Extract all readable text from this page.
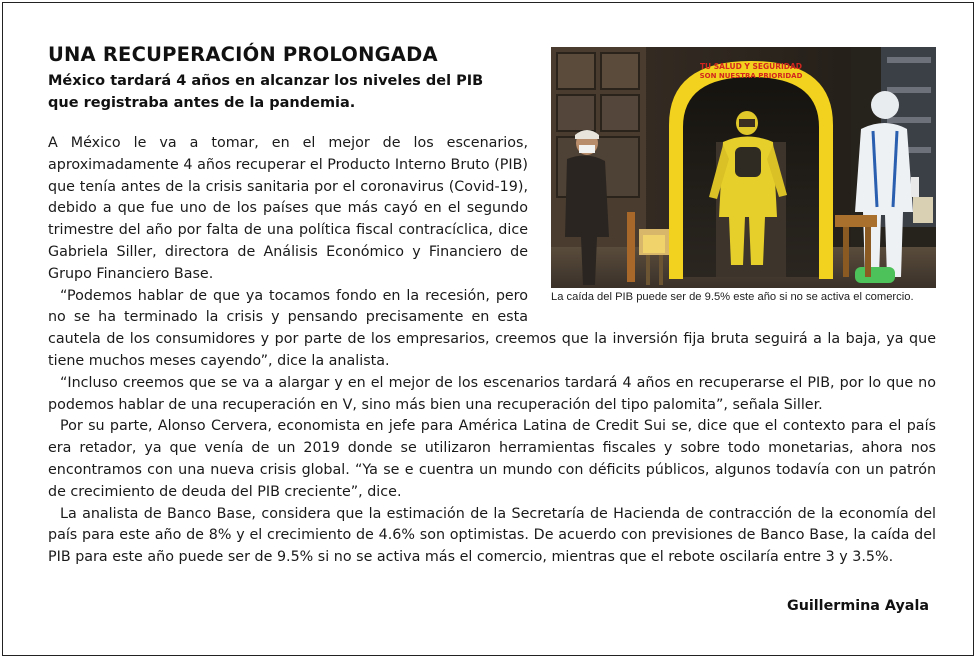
UNA RECUPERACIÓN PROLONGADA
México tardará 4 años en alcanzar los niveles del PIB que registraba antes de la pandemia.
TU SALUD Y SEGURIDAD
SON NUESTRA PRIORIDAD
La caída del PIB puede ser de 9.5% este año si no se activa el comercio.

A México le va a tomar, en el mejor de los escenarios, aproximadamente 4 años recuperar el Producto Interno Bruto (PIB) que tenía antes de la crisis sanitaria por el coronavirus (Covid-19), debido a que fue uno de los países que más cayó en el segundo trimestre del año por falta de una política fiscal contracíclica, dice Gabriela Siller, directora de Análisis Económico y Financiero de Grupo Financiero Base.

“Podemos hablar de que ya tocamos fondo en la recesión, pero no se ha terminado la crisis y pensando precisamente en esta cautela de los consumidores y por parte de los empresarios, creemos que la inversión fija bruta seguirá a la baja, ya que tiene muchos meses cayendo”, dice la analista.

“Incluso creemos que se va a alargar y en el mejor de los escenarios tardará 4 años en recuperarse el PIB, por lo que no podemos hablar de una recuperación en V, sino más bien una recuperación del tipo palomita”, señala Siller.

Por su parte, Alonso Cervera, economista en jefe para América Latina de Credit Sui se, dice que el contexto para el país era retador, ya que venía de un 2019 donde se utilizaron herramientas fiscales y sobre todo monetarias, ahora nos encontramos con una nueva crisis global. “Ya se e cuentra un mundo con déficits públicos, algunos todavía con un patrón de crecimiento de deuda del PIB creciente”, dice.

La analista de Banco Base, considera que la estimación de la Secretaría de Hacienda de contracción de la economía del país para este año de 8% y el crecimiento de 4.6% son optimistas. De acuerdo con previsiones de Banco Base, la caída del PIB para este año puede ser de 9.5% si no se activa más el comercio, mientras que el rebote oscilaría entre 3 y 3.5%.

Guillermina Ayala
